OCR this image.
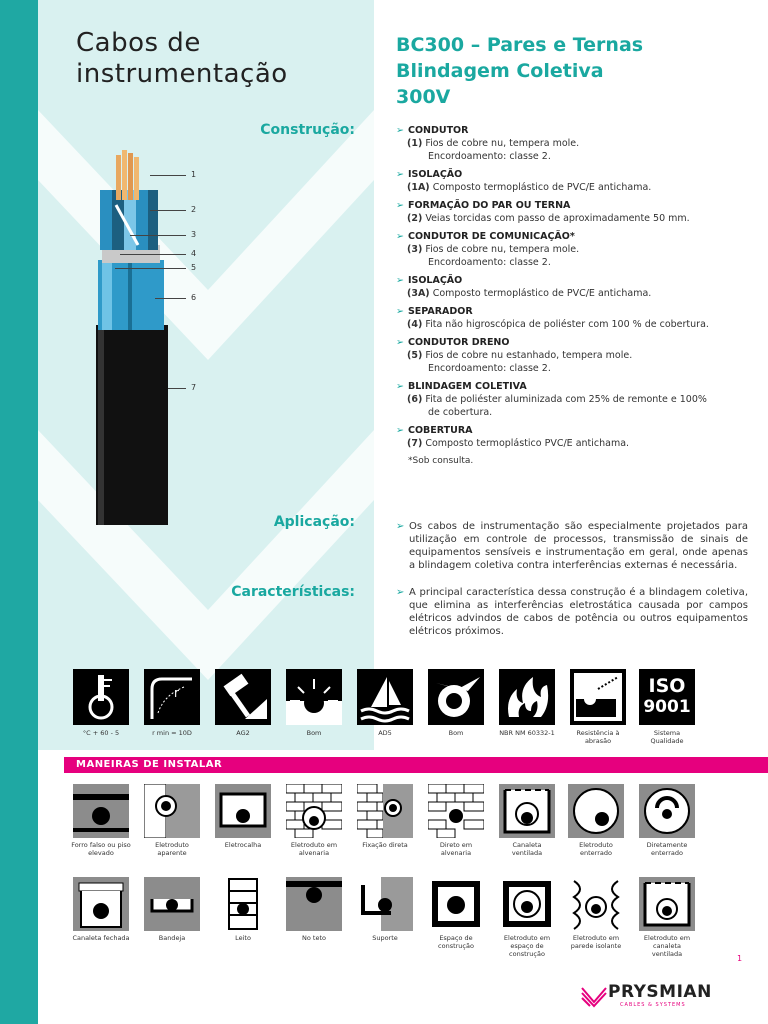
Cabos de
instrumentação
BC300 – Pares e Ternas
Blindagem Coletiva
300V
1
2
3
4
5
6
7
Construção:
Aplicação:
Características:
➢ CONDUTOR
(1) Fios de cobre nu, tempera mole.
Encordoamento: classe 2.
➢ ISOLAÇÃO
(1A) Composto termoplástico de PVC/E antichama.
➢ FORMAÇÃO DO PAR OU TERNA
(2) Veias torcidas com passo de aproximadamente 50 mm.
➢ CONDUTOR DE COMUNICAÇÃO*
(3) Fios de cobre nu, tempera mole.
Encordoamento: classe 2.
➢ ISOLAÇÃO
(3A) Composto termoplástico de PVC/E antichama.
➢ SEPARADOR
(4) Fita não higroscópica de poliéster com 100 % de cobertura.
➢ CONDUTOR DRENO
(5) Fios de cobre nu estanhado, tempera mole.
Encordoamento: classe 2.
➢ BLINDAGEM COLETIVA
(6) Fita de poliéster aluminizada com 25% de remonte e 100%
de cobertura.
➢ COBERTURA
(7) Composto termoplástico PVC/E antichama.
*Sob consulta.
➢ Os cabos de instrumentação são especialmente projetados para utilização em controle de processos, transmissão de sinais de equipamentos sensíveis e instrumentação em geral, onde apenas a blindagem coletiva contra interferências externas é necessária.
➢ A principal característica dessa construção é a blindagem coletiva, que elimina as interferências eletrostática causada por campos elétricos advindos de cabos de potência ou outros equipamentos elétricos próximos.
°C + 60 - 5
r
r min = 10D	AG2	Bom	AD5	Bom	NBR NM 60332-1	Resistência à abrasão
ISO
9001
Sistema Qualidade
MANEIRAS DE INSTALAR
Forro falso ou piso elevado
Eletroduto aparente
Eletrocalha	Eletroduto em alvenaria
Fixação direta	Direto em alvenaria
Canaleta ventilada
Eletroduto enterrado
Diretamente enterrado
Canaleta fechada	Bandeja	Leito	No teto	Suporte	Espaço de construção
Eletroduto em espaço de construção
Eletroduto em parede isolante
Eletroduto em canaleta ventilada	1
PRYSMIAN
CABLES & SYSTEMS
